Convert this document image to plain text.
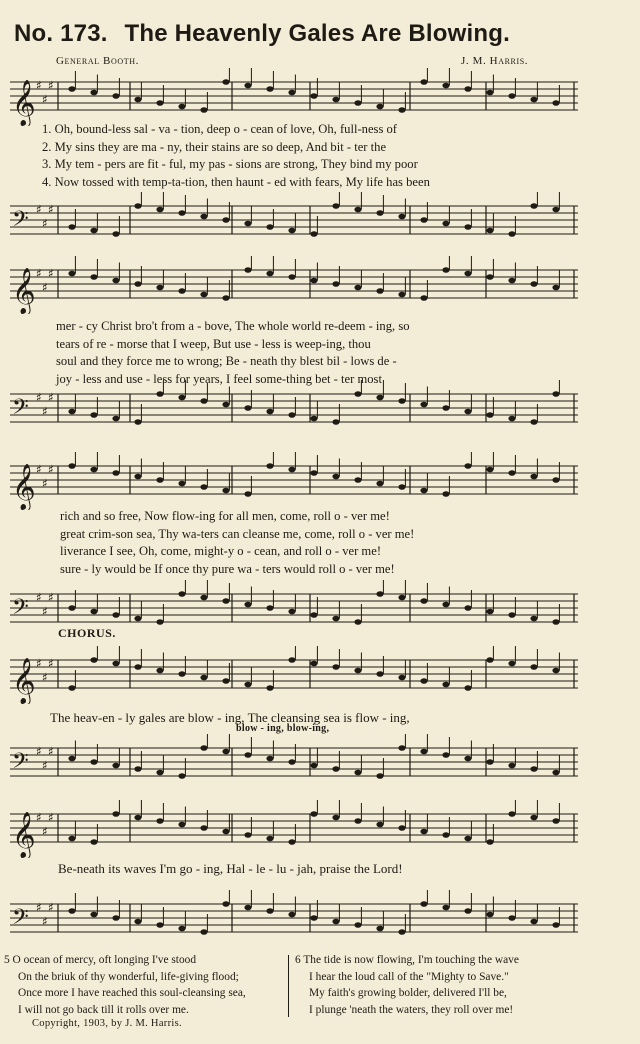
No. 173. The Heavenly Gales Are Blowing.
General Booth.	J. M. Harris.
𝄞 ♯
♯
♯
𝄢 ♯
♯
♯
𝄞 ♯
♯
♯
𝄢 ♯
♯
♯
𝄞 ♯
♯
♯
𝄢 ♯
♯
♯
𝄞 ♯
♯
♯
𝄢 ♯
♯
♯
𝄞 ♯
♯
♯
𝄢 ♯
♯
♯
1. Oh, bound-less sal - va - tion, deep o - cean of love, Oh, full-ness of
2. My sins they are ma - ny, their stains are so deep, And bit - ter the
3. My tem - pers are fit - ful, my pas - sions are strong, They bind my poor
4. Now tossed with temp-ta-tion, then haunt - ed with fears, My life has been
mer - cy Christ bro't from a - bove, The whole world re-deem - ing, so
tears of re - morse that I weep, But use - less is weep-ing, thou
soul and they force me to wrong; Be - neath thy blest bil - lows de -
joy - less and use - less for years, I feel some-thing bet - ter most
rich and so free, Now flow-ing for all men, come, roll o - ver me!
great crim-son sea, Thy wa-ters can cleanse me, come, roll o - ver me!
liverance I see, Oh, come, might-y o - cean, and roll o - ver me!
sure - ly would be If once thy pure wa - ters would roll o - ver me!
CHORUS.
The heav-en - ly gales are blow - ing, The cleansing sea is flow - ing,
blow - ing, blow-ing,
Be-neath its waves I'm go - ing, Hal - le - lu - jah, praise the Lord!
5 O ocean of mercy, oft longing I've stood
On the briuk of thy wonderful, life-giving flood;
Once more I have reached this soul-cleansing sea,
I will not go back till it rolls over me.
6 The tide is now flowing, I'm touching the wave
I hear the loud call of the "Mighty to Save."
My faith's growing bolder, delivered I'll be,
I plunge 'neath the waters, they roll over me!
Copyright, 1903, by J. M. Harris.
